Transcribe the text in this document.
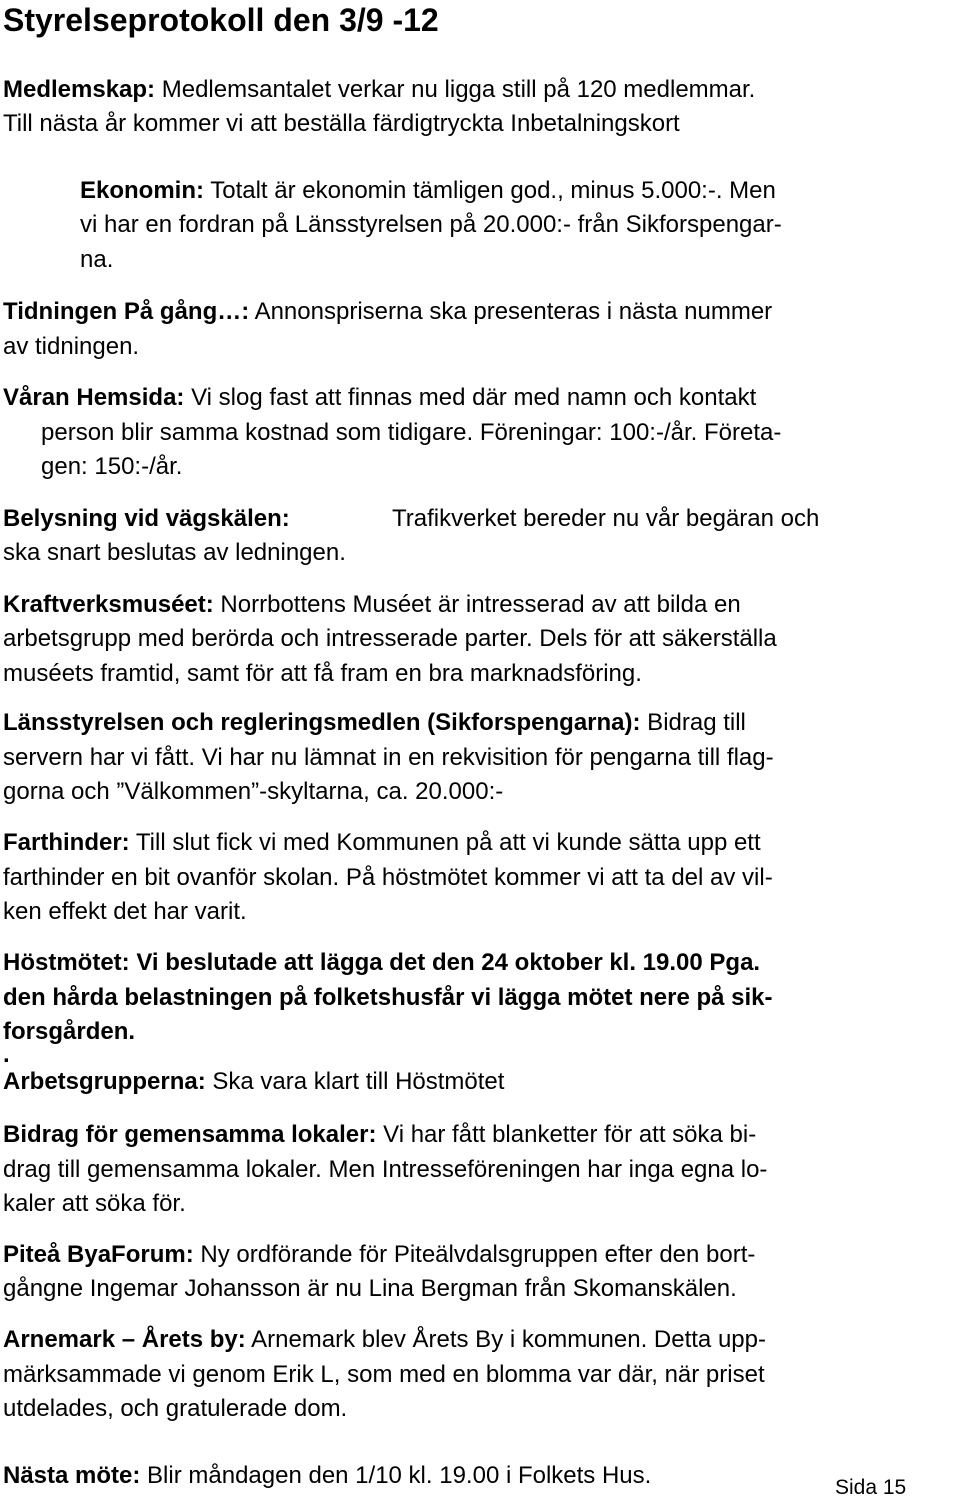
Styrelseprotokoll den 3/9 -12
Medlemskap: Medlemsantalet verkar nu ligga still på 120 medlemmar.
Till nästa år kommer vi att beställa färdigtryckta Inbetalningskort
Ekonomin: Totalt är ekonomin tämligen god., minus 5.000:-. Men
vi har en fordran på Länsstyrelsen på 20.000:- från Sikforspengar-
na.
Tidningen På gång…: Annonspriserna ska presenteras i nästa nummer
av tidningen.
Våran Hemsida: Vi slog fast att finnas med där med namn och kontakt
person blir samma kostnad som tidigare. Föreningar: 100:-/år. Företa-
gen: 150:-/år.
Belysning vid vägskälen:	Trafikverket bereder nu vår begäran och
ska snart beslutas av ledningen.
Kraftverksmuséet: Norrbottens Muséet är intresserad av att bilda en
arbetsgrupp med berörda och intresserade parter. Dels för att säkerställa
muséets framtid, samt för att få fram en bra marknadsföring.
Länsstyrelsen och regleringsmedlen (Sikforspengarna): Bidrag till
servern har vi fått. Vi har nu lämnat in en rekvisition för pengarna till flag-
gorna och ”Välkommen”-skyltarna, ca. 20.000:-
Farthinder: Till slut fick vi med Kommunen på att vi kunde sätta upp ett
farthinder en bit ovanför skolan. På höstmötet kommer vi att ta del av vil-
ken effekt det har varit.
Höstmötet: Vi beslutade att lägga det den 24 oktober kl. 19.00 Pga.
den hårda belastningen på folketshusfår vi lägga mötet nere på sik-
forsgården.
.
Arbetsgrupperna: Ska vara klart till Höstmötet
Bidrag för gemensamma lokaler: Vi har fått blanketter för att söka bi-
drag till gemensamma lokaler. Men Intresseföreningen har inga egna lo-
kaler att söka för.
Piteå ByaForum: Ny ordförande för Piteälvdalsgruppen efter den bort-
gångne Ingemar Johansson är nu Lina Bergman från Skomanskälen.
Arnemark – Årets by: Arnemark blev Årets By i kommunen. Detta upp-
märksammade vi genom Erik L, som med en blomma var där, när priset
utdelades, och gratulerade dom.
Nästa möte: Blir måndagen den 1/10 kl. 19.00 i Folkets Hus.	Sida 15
